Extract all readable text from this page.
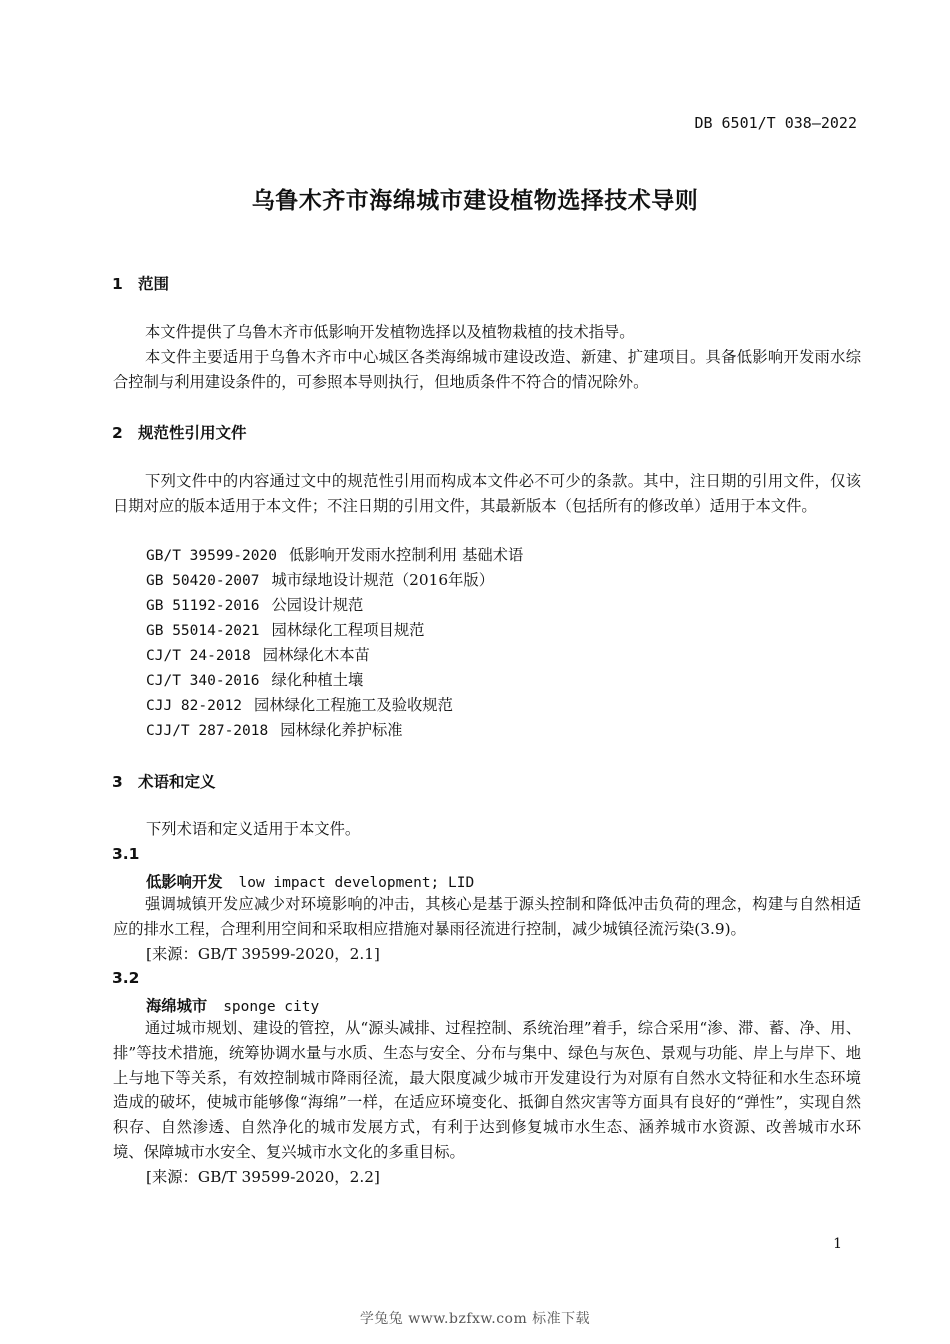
DB 6501/T 038—2022
乌鲁木齐市海绵城市建设植物选择技术导则
1 范围

本文件提供了乌鲁木齐市低影响开发植物选择以及植物栽植的技术指导。

本文件主要适用于乌鲁木齐市中心城区各类海绵城市建设改造、新建、扩建项目。具备低影响开发雨水综合控制与利用建设条件的，可参照本导则执行，但地质条件不符合的情况除外。

2 规范性引用文件

下列文件中的内容通过文中的规范性引用而构成本文件必不可少的条款。其中，注日期的引用文件，仅该日期对应的版本适用于本文件；不注日期的引用文件，其最新版本（包括所有的修改单）适用于本文件。

GB/T 39599-2020 低影响开发雨水控制利用 基础术语
GB 50420-2007 城市绿地设计规范（2016年版）
GB 51192-2016 公园设计规范
GB 55014-2021 园林绿化工程项目规范
CJ/T 24-2018 园林绿化木本苗
CJ/T 340-2016 绿化种植土壤
CJJ 82-2012 园林绿化工程施工及验收规范
CJJ/T 287-2018 园林绿化养护标准
3 术语和定义
下列术语和定义适用于本文件。
3.1
低影响开发 low impact development; LID

强调城镇开发应减少对环境影响的冲击，其核心是基于源头控制和降低冲击负荷的理念，构建与自然相适应的排水工程，合理利用空间和采取相应措施对暴雨径流进行控制，减少城镇径流污染(3.9)。

[来源：GB/T 39599-2020，2.1]
3.2
海绵城市 sponge city

通过城市规划、建设的管控，从“源头减排、过程控制、系统治理”着手，综合采用“渗、滞、蓄、净、用、排”等技术措施，统筹协调水量与水质、生态与安全、分布与集中、绿色与灰色、景观与功能、岸上与岸下、地上与地下等关系，有效控制城市降雨径流，最大限度减少城市开发建设行为对原有自然水文特征和水生态环境造成的破坏，使城市能够像“海绵”一样，在适应环境变化、抵御自然灾害等方面具有良好的“弹性”，实现自然积存、自然渗透、自然净化的城市发展方式，有利于达到修复城市水生态、涵养城市水资源、改善城市水环境、保障城市水安全、复兴城市水文化的多重目标。

[来源：GB/T 39599-2020，2.2]
1
学兔兔 www.bzfxw.com 标准下载
